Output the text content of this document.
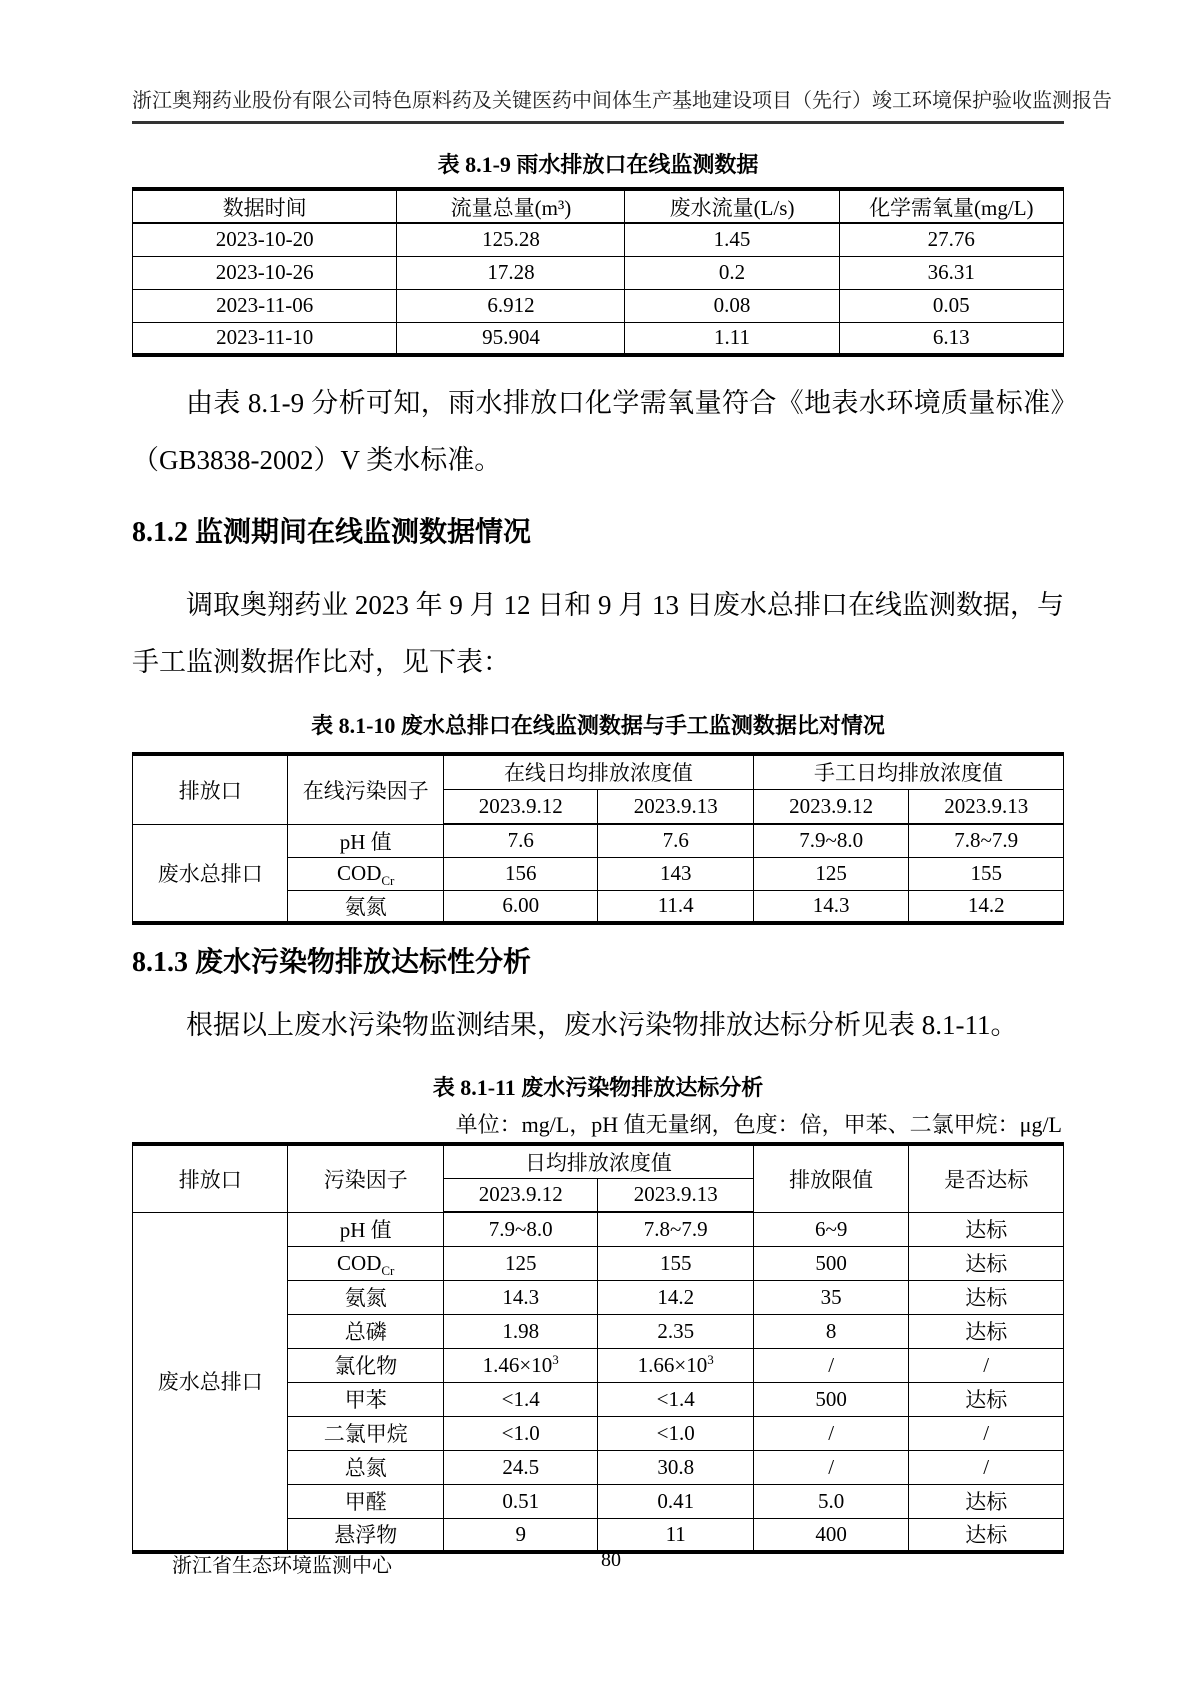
浙江奥翔药业股份有限公司特色原料药及关键医药中间体生产基地建设项目（先行）竣工环境保护验收监测报告
表 8.1-9 雨水排放口在线监测数据
数据时间	流量总量(m³)	废水流量(L/s)	化学需氧量(mg/L)
2023-10-20	125.28	1.45	27.76
2023-10-26	17.28	0.2	36.31
2023-11-06	6.912	0.08	0.05
2023-11-10	95.904	1.11	6.13

由表 8.1-9 分析可知，雨水排放口化学需氧量符合《地表水环境质量标准》（GB3838-2002）V 类水标准。

8.1.2 监测期间在线监测数据情况

调取奥翔药业 2023 年 9 月 12 日和 9 月 13 日废水总排口在线监测数据，与手工监测数据作比对，见下表：

表 8.1-10 废水总排口在线监测数据与手工监测数据比对情况
排放口	在线污染因子	在线日均排放浓度值		手工日均排放浓度值	
		2023.9.12	2023.9.13	2023.9.12	2023.9.13
废水总排口	pH 值	7.6	7.6	7.9~8.0	7.8~7.9
	$COD_{Cr}$	156	143	125	155
	氨氮	6.00	11.4	14.3	14.2
8.1.3 废水污染物排放达标性分析

根据以上废水污染物监测结果，废水污染物排放达标分析见表 8.1-11。

表 8.1-11 废水污染物排放达标分析
单位：mg/L，pH 值无量纲，色度：倍，甲苯、二氯甲烷：μg/L
排放口	污染因子	日均排放浓度值		排放限值	是否达标
		2023.9.12	2023.9.13		
废水总排口	pH 值	7.9~8.0	7.8~7.9	6~9	达标
	$COD_{Cr}$	125	155	500	达标
	氨氮	14.3	14.2	35	达标
	总磷	1.98	2.35	8	达标
	氯化物	$1.46\times 10^3$	$1.66\times 10^3$	/	/
	甲苯	<1.4	<1.4	500	达标
	二氯甲烷	<1.0	<1.0	/	/
	总氮	24.5	30.8	/	/
	甲醛	0.51	0.41	5.0	达标
	悬浮物	9	11	400	达标
浙江省生态环境监测中心	80
